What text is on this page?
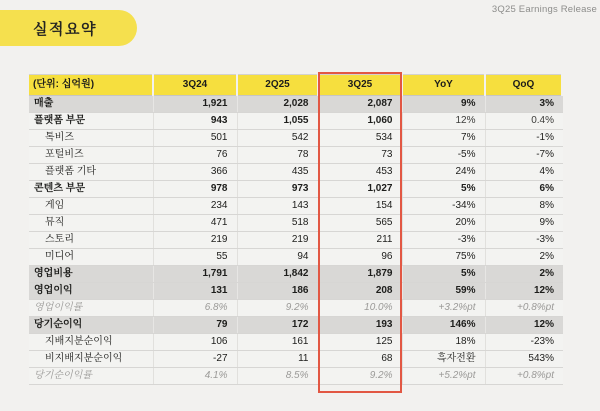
실적요약
3Q25 Earnings Release
(단위: 십억원)	3Q24	2Q25	3Q25	YoY	QoQ
매출	1,921	2,028	2,087	9%	3%
플랫폼 부문	943	1,055	1,060	12%	0.4%
톡비즈	501	542	534	7%	-1%
포털비즈	76	78	73	-5%	-7%
플랫폼 기타	366	435	453	24%	4%
콘텐츠 부문	978	973	1,027	5%	6%
게임	234	143	154	-34%	8%
뮤직	471	518	565	20%	9%
스토리	219	219	211	-3%	-3%
미디어	55	94	96	75%	2%
영업비용	1,791	1,842	1,879	5%	2%
영업이익	131	186	208	59%	12%
영업이익률	6.8%	9.2%	10.0%	+3.2%pt	+0.8%pt
당기순이익	79	172	193	146%	12%
지배지분순이익	106	161	125	18%	-23%
비지배지분순이익	-27	11	68	흑자전환	543%
당기순이익률	4.1%	8.5%	9.2%	+5.2%pt	+0.8%pt
